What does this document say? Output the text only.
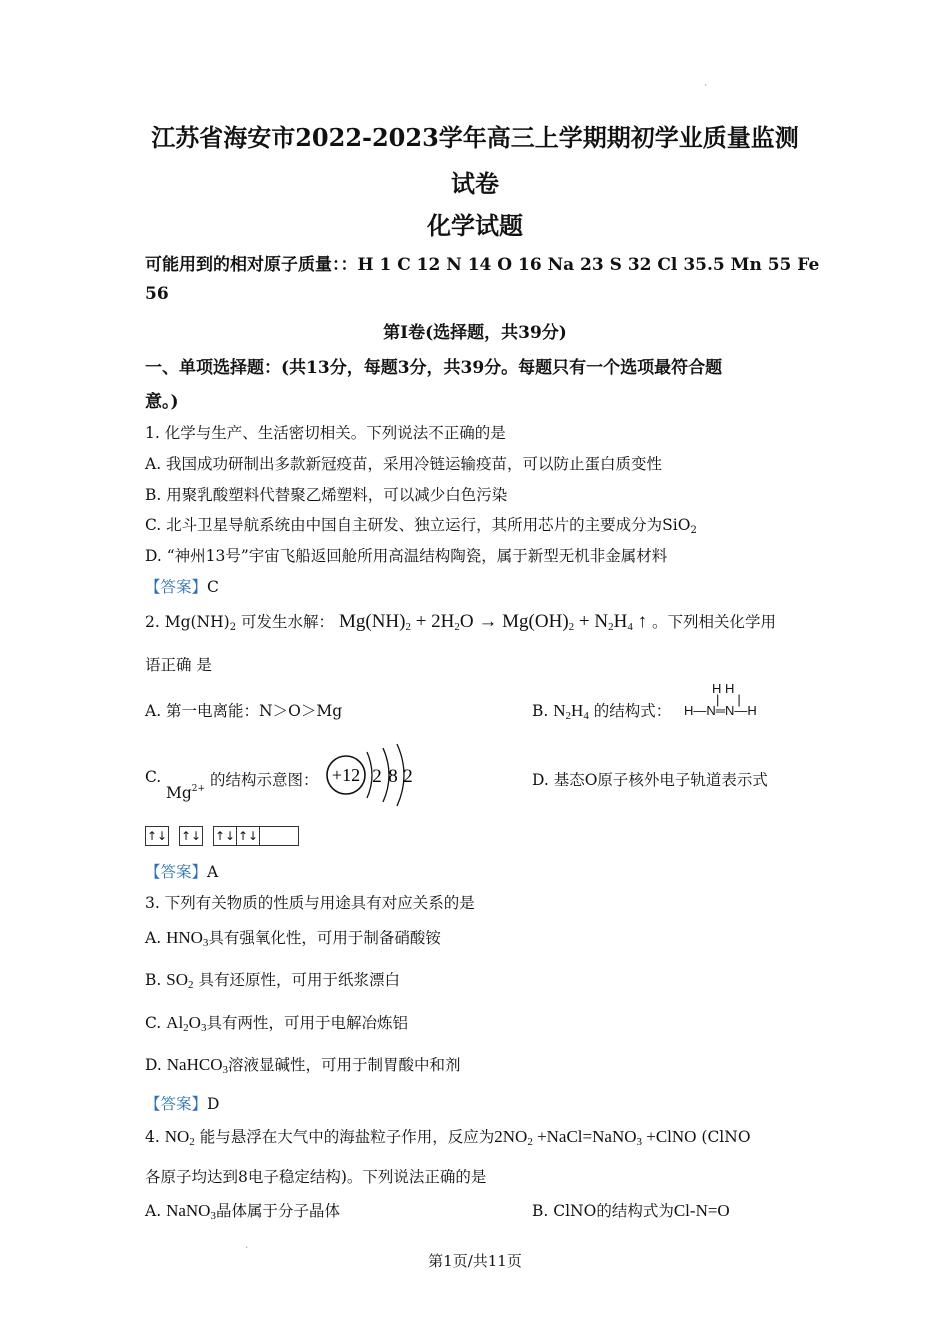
`
江苏省海安市2022-2023学年高三上学期期初学业质量监测
试卷
化学试题
可能用到的相对原子质量：：H 1 C 12 N 14 O 16 Na 23 S 32 Cl 35.5 Mn 55 Fe
56
第Ⅰ卷(选择题，共39分)
一、单项选择题：(共13分，每题3分，共39分。每题只有一个选项最符合题
意。)
1. 化学与生产、生活密切相关。下列说法不正确的是
A. 我国成功研制出多款新冠疫苗，采用冷链运输疫苗，可以防止蛋白质变性
B. 用聚乳酸塑料代替聚乙烯塑料，可以减少白色污染
C. 北斗卫星导航系统由中国自主研发、独立运行，其所用芯片的主要成分为SiO$_2$
D. “神州13号”宇宙飞船返回舱所用高温结构陶瓷，属于新型无机非金属材料
【答案】C
2. $Mg(NH)_2$ 可发生水解： $Mg(NH)_2 + 2H_2O \to Mg(OH)_2 + N_2H_4$ ↑ 。下列相关化学用
语正确 是
A. 第一电离能：N＞O＞Mg	B. $N_2H_4$ 的结构式：
H H
|     |
H—N═N—H
C.
$Mg^{2+}$ 的结构示意图： +12 2 8 2	D. 基态O原子核外电子轨道表示式
↑↓ ↑↓ ↑↓ ↑↓
【答案】A
3. 下列有关物质的性质与用途具有对应关系的是
A. $HNO_3$具有强氧化性，可用于制备硝酸铵
B. $SO_2$ 具有还原性，可用于纸浆漂白
C. $Al_2O_3$具有两性，可用于电解冶炼铝
D. NaHCO$_3$溶液显碱性，可用于制胃酸中和剂
【答案】D
4. $NO_2$ 能与悬浮在大气中的海盐粒子作用，反应为$2NO_2$ +NaCl=NaNO$_3$ +ClNO (ClNO
各原子均达到8电子稳定结构)。下列说法正确的是
A. NaNO$_3$晶体属于分子晶体	B. ClNO的结构式为Cl-N=O
`
第1页/共11页
